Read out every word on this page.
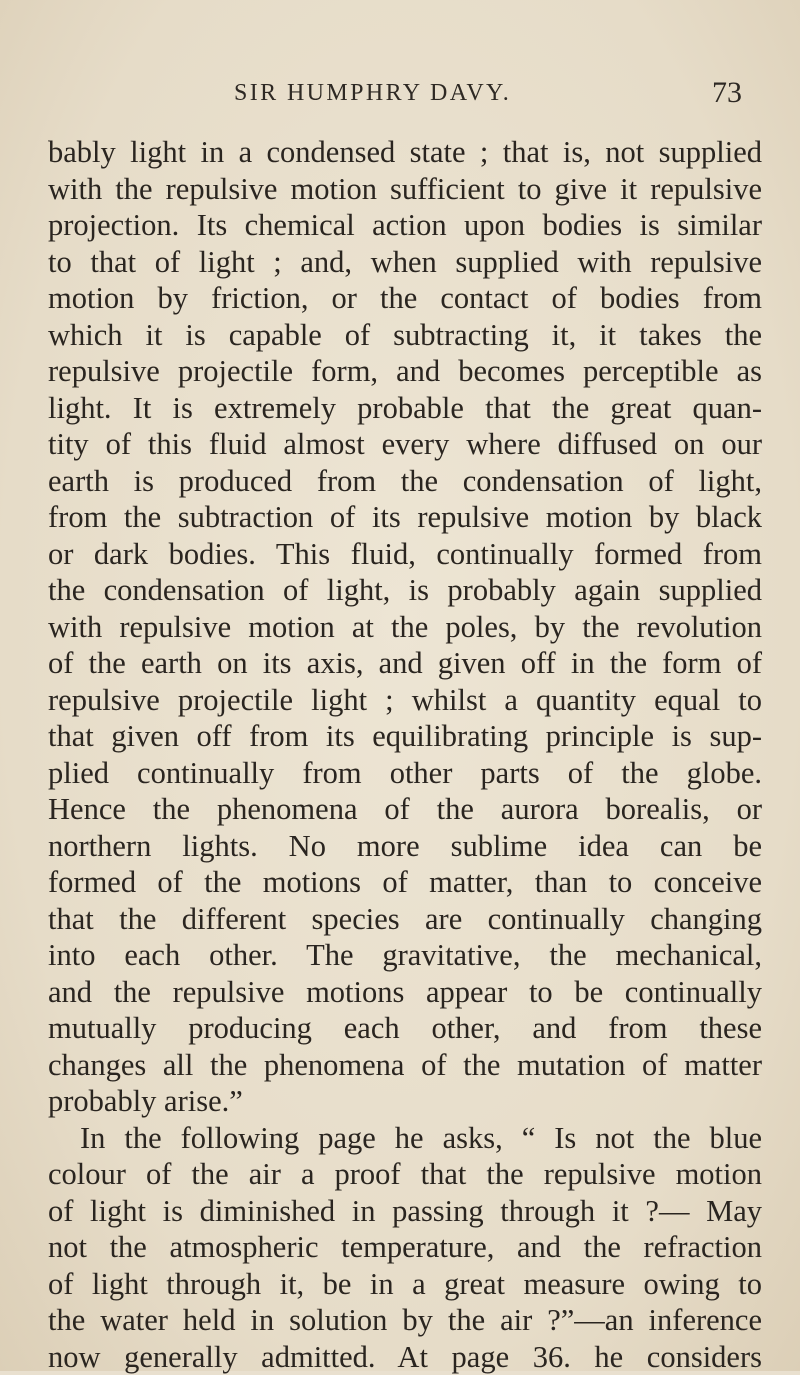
SIR HUMPHRY DAVY.	73
bably light in a condensed state ; that is, not supplied
with the repulsive motion sufficient to give it repulsive
projection. Its chemical action upon bodies is similar
to that of light ; and, when supplied with repulsive
motion by friction, or the contact of bodies from
which it is capable of subtracting it, it takes the
repulsive projectile form, and becomes perceptible as
light. It is extremely probable that the great quan-
tity of this fluid almost every where diffused on our
earth is produced from the condensation of light,
from the subtraction of its repulsive motion by black
or dark bodies. This fluid, continually formed from
the condensation of light, is probably again supplied
with repulsive motion at the poles, by the revolution
of the earth on its axis, and given off in the form of
repulsive projectile light ; whilst a quantity equal to
that given off from its equilibrating principle is sup-
plied continually from other parts of the globe.
Hence the phenomena of the aurora borealis, or
northern lights. No more sublime idea can be
formed of the motions of matter, than to conceive
that the different species are continually changing
into each other. The gravitative, the mechanical,
and the repulsive motions appear to be continually
mutually producing each other, and from these
changes all the phenomena of the mutation of matter
probably arise.”
In the following page he asks, “ Is not the blue
colour of the air a proof that the repulsive motion
of light is diminished in passing through it ?— May
not the atmospheric temperature, and the refraction
of light through it, be in a great measure owing to
the water held in solution by the air ?”—an inference
now generally admitted. At page 36. he considers
